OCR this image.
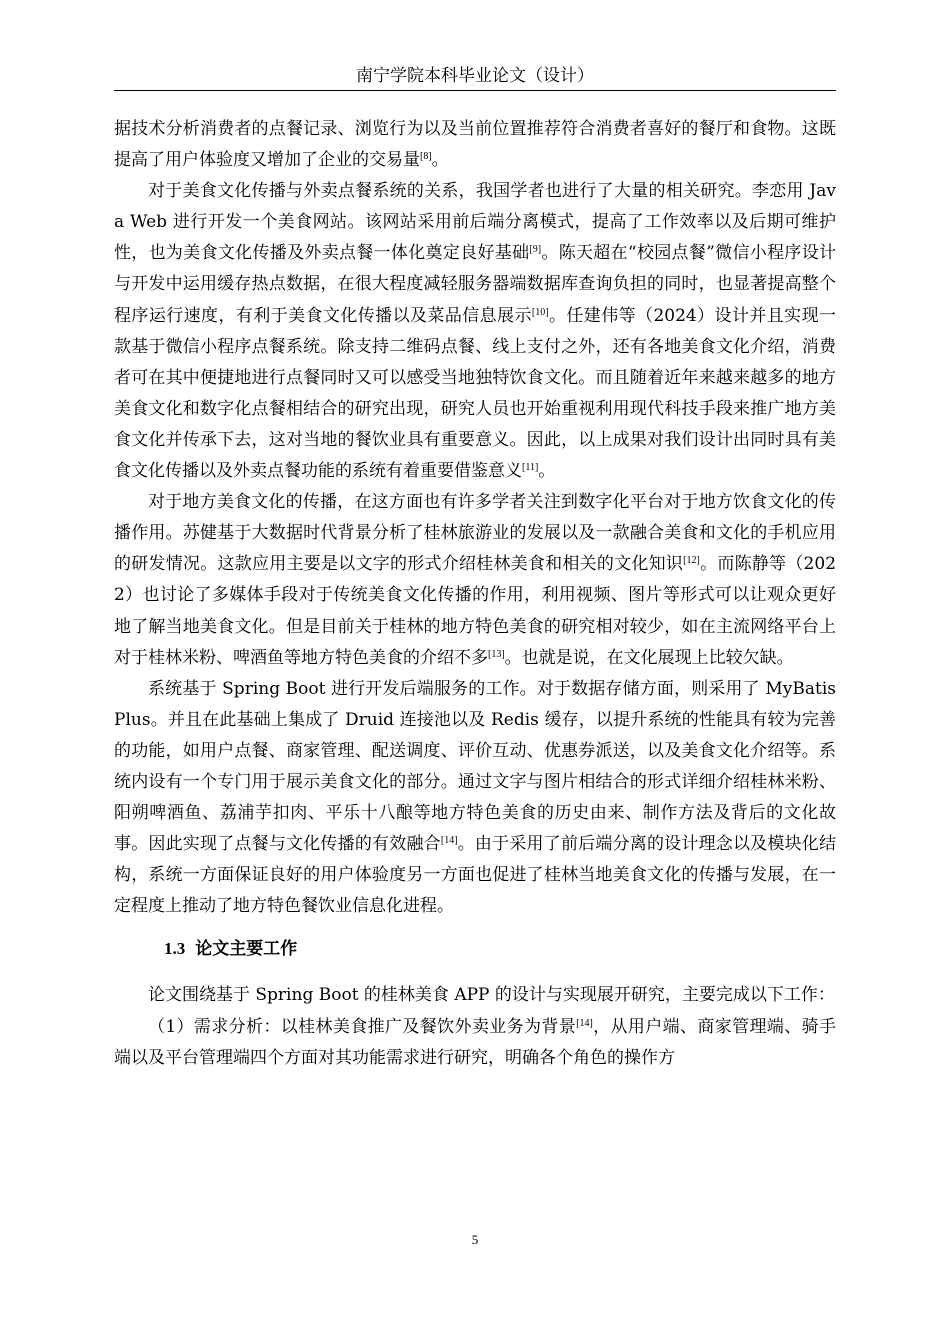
南宁学院本科毕业论文（设计）

据技术分析消费者的点餐记录、浏览行为以及当前位置推荐符合消费者喜好的餐厅和食物。这既提高了用户体验度又增加了企业的交易量[8]。

对于美食文化传播与外卖点餐系统的关系，我国学者也进行了大量的相关研究。李恋用 Java Web 进行开发一个美食网站。该网站采用前后端分离模式，提高了工作效率以及后期可维护性，也为美食文化传播及外卖点餐一体化奠定良好基础[9]。陈天超在“校园点餐”微信小程序设计与开发中运用缓存热点数据，在很大程度减轻服务器端数据库查询负担的同时，也显著提高整个程序运行速度，有利于美食文化传播以及菜品信息展示[10]。任建伟等（2024）设计并且实现一款基于微信小程序点餐系统。除支持二维码点餐、线上支付之外，还有各地美食文化介绍，消费者可在其中便捷地进行点餐同时又可以感受当地独特饮食文化。而且随着近年来越来越多的地方美食文化和数字化点餐相结合的研究出现，研究人员也开始重视利用现代科技手段来推广地方美食文化并传承下去，这对当地的餐饮业具有重要意义。因此，以上成果对我们设计出同时具有美食文化传播以及外卖点餐功能的系统有着重要借鉴意义[11]。

对于地方美食文化的传播，在这方面也有许多学者关注到数字化平台对于地方饮食文化的传播作用。苏健基于大数据时代背景分析了桂林旅游业的发展以及一款融合美食和文化的手机应用的研发情况。这款应用主要是以文字的形式介绍桂林美食和相关的文化知识[12]。而陈静等（2022）也讨论了多媒体手段对于传统美食文化传播的作用，利用视频、图片等形式可以让观众更好地了解当地美食文化。但是目前关于桂林的地方特色美食的研究相对较少，如在主流网络平台上对于桂林米粉、啤酒鱼等地方特色美食的介绍不多[13]。也就是说，在文化展现上比较欠缺。

系统基于 Spring Boot 进行开发后端服务的工作。对于数据存储方面，则采用了 MyBatis Plus。并且在此基础上集成了 Druid 连接池以及 Redis 缓存，以提升系统的性能具有较为完善的功能，如用户点餐、商家管理、配送调度、评价互动、优惠券派送，以及美食文化介绍等。系统内设有一个专门用于展示美食文化的部分。通过文字与图片相结合的形式详细介绍桂林米粉、阳朔啤酒鱼、荔浦芋扣肉、平乐十八酿等地方特色美食的历史由来、制作方法及背后的文化故事。因此实现了点餐与文化传播的有效融合[14]。由于采用了前后端分离的设计理念以及模块化结构，系统一方面保证良好的用户体验度另一方面也促进了桂林当地美食文化的传播与发展，在一定程度上推动了地方特色餐饮业信息化进程。

1.3 论文主要工作

论文围绕基于 Spring Boot 的桂林美食 APP 的设计与实现展开研究，主要完成以下工作：

（1）需求分析：以桂林美食推广及餐饮外卖业务为背景[14]，从用户端、商家管理端、骑手端以及平台管理端四个方面对其功能需求进行研究，明确各个角色的操作方

5
